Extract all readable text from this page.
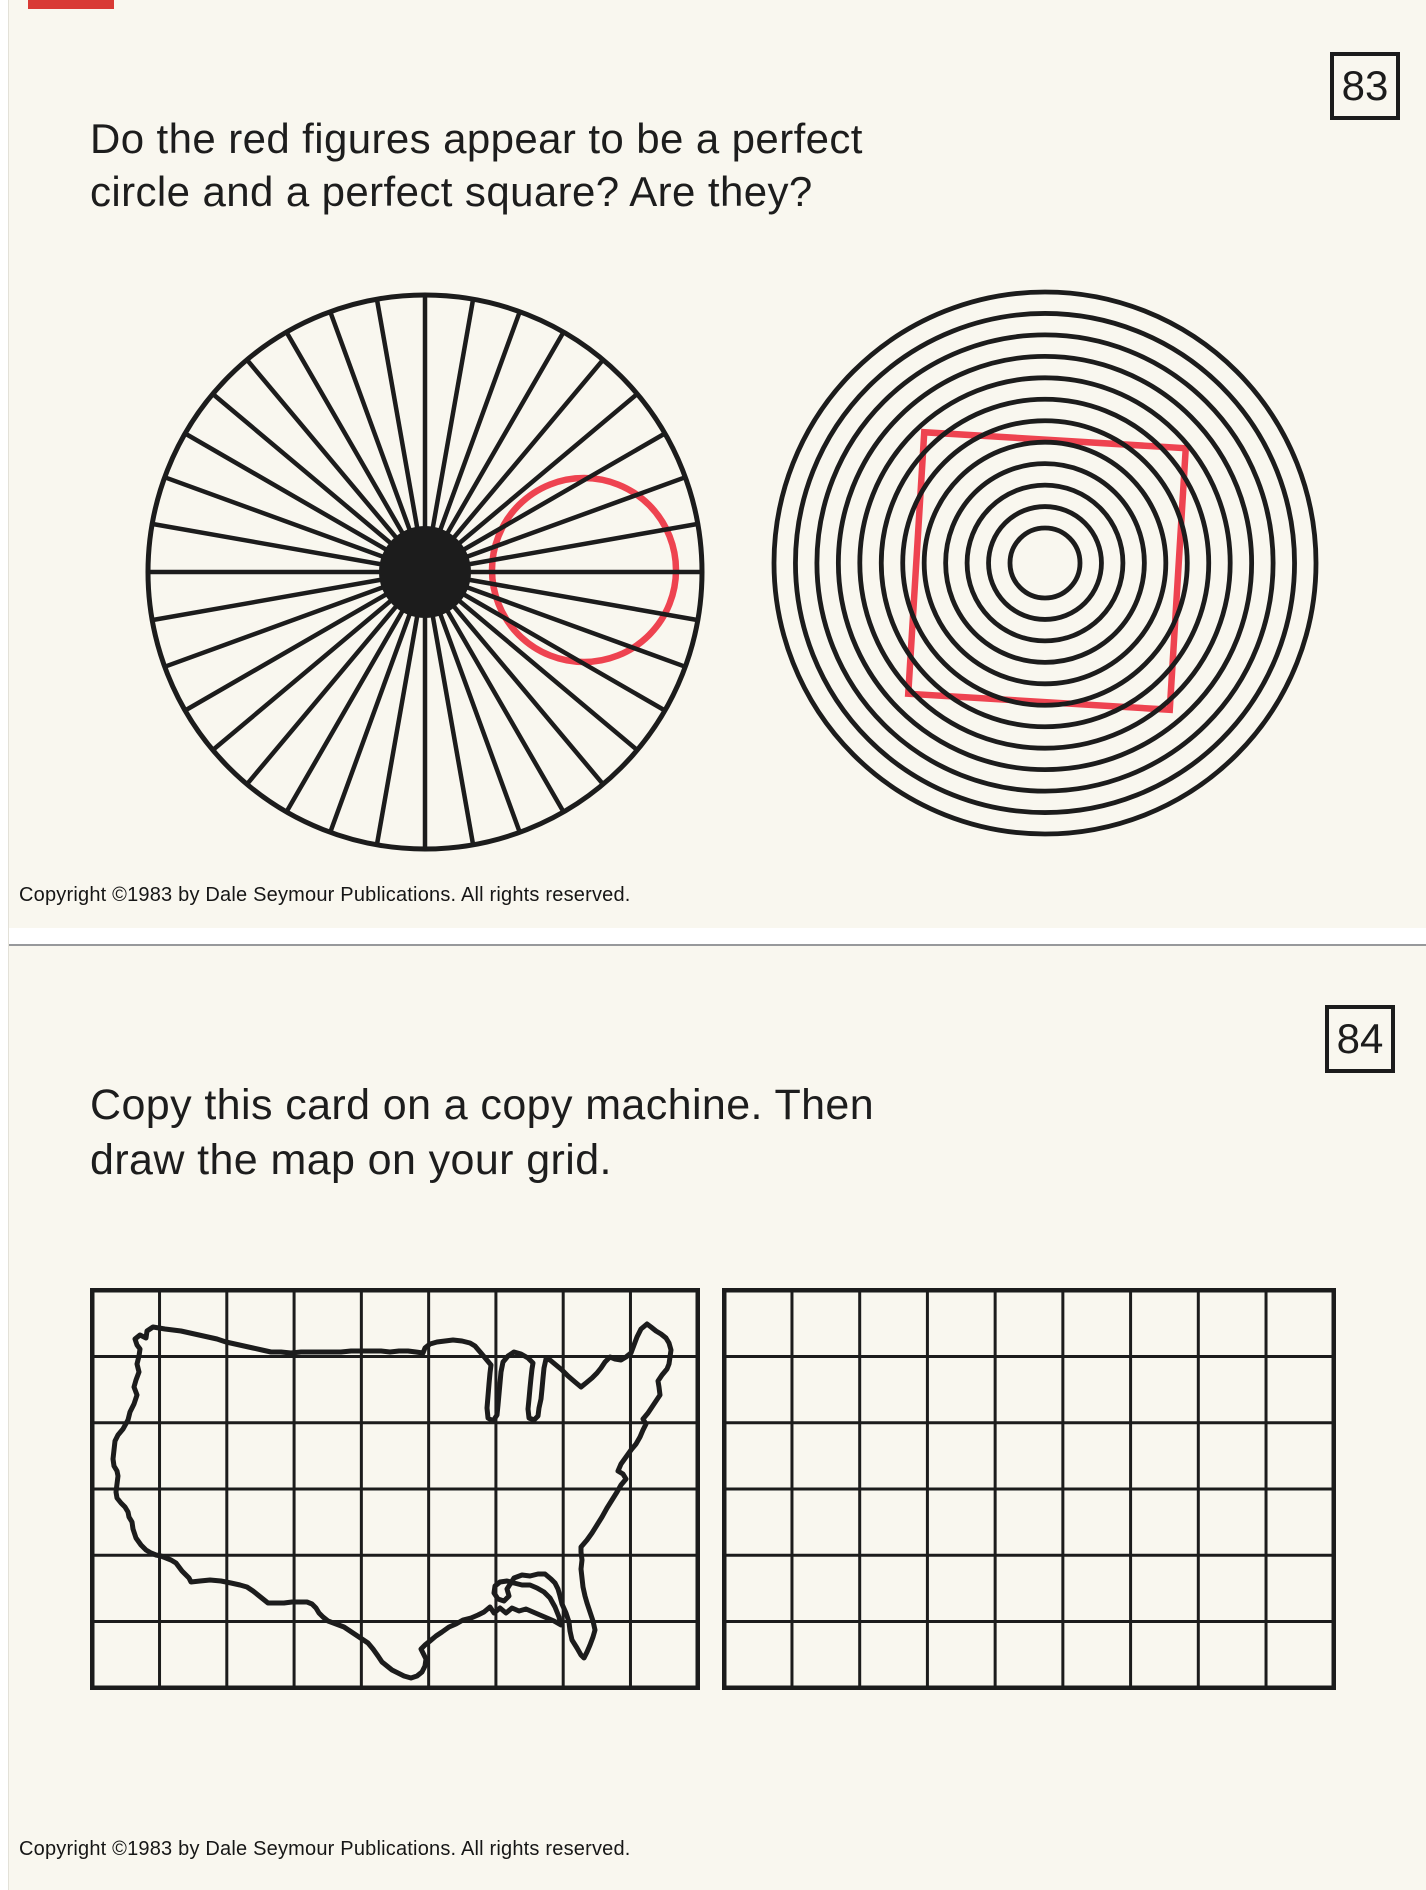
83
Do the red figures appear to be a perfect
circle and a perfect square? Are they?
Copyright ©1983 by Dale Seymour Publications. All rights reserved.
84
Copy this card on a copy machine. Then
draw the map on your grid.
Copyright ©1983 by Dale Seymour Publications. All rights reserved.
